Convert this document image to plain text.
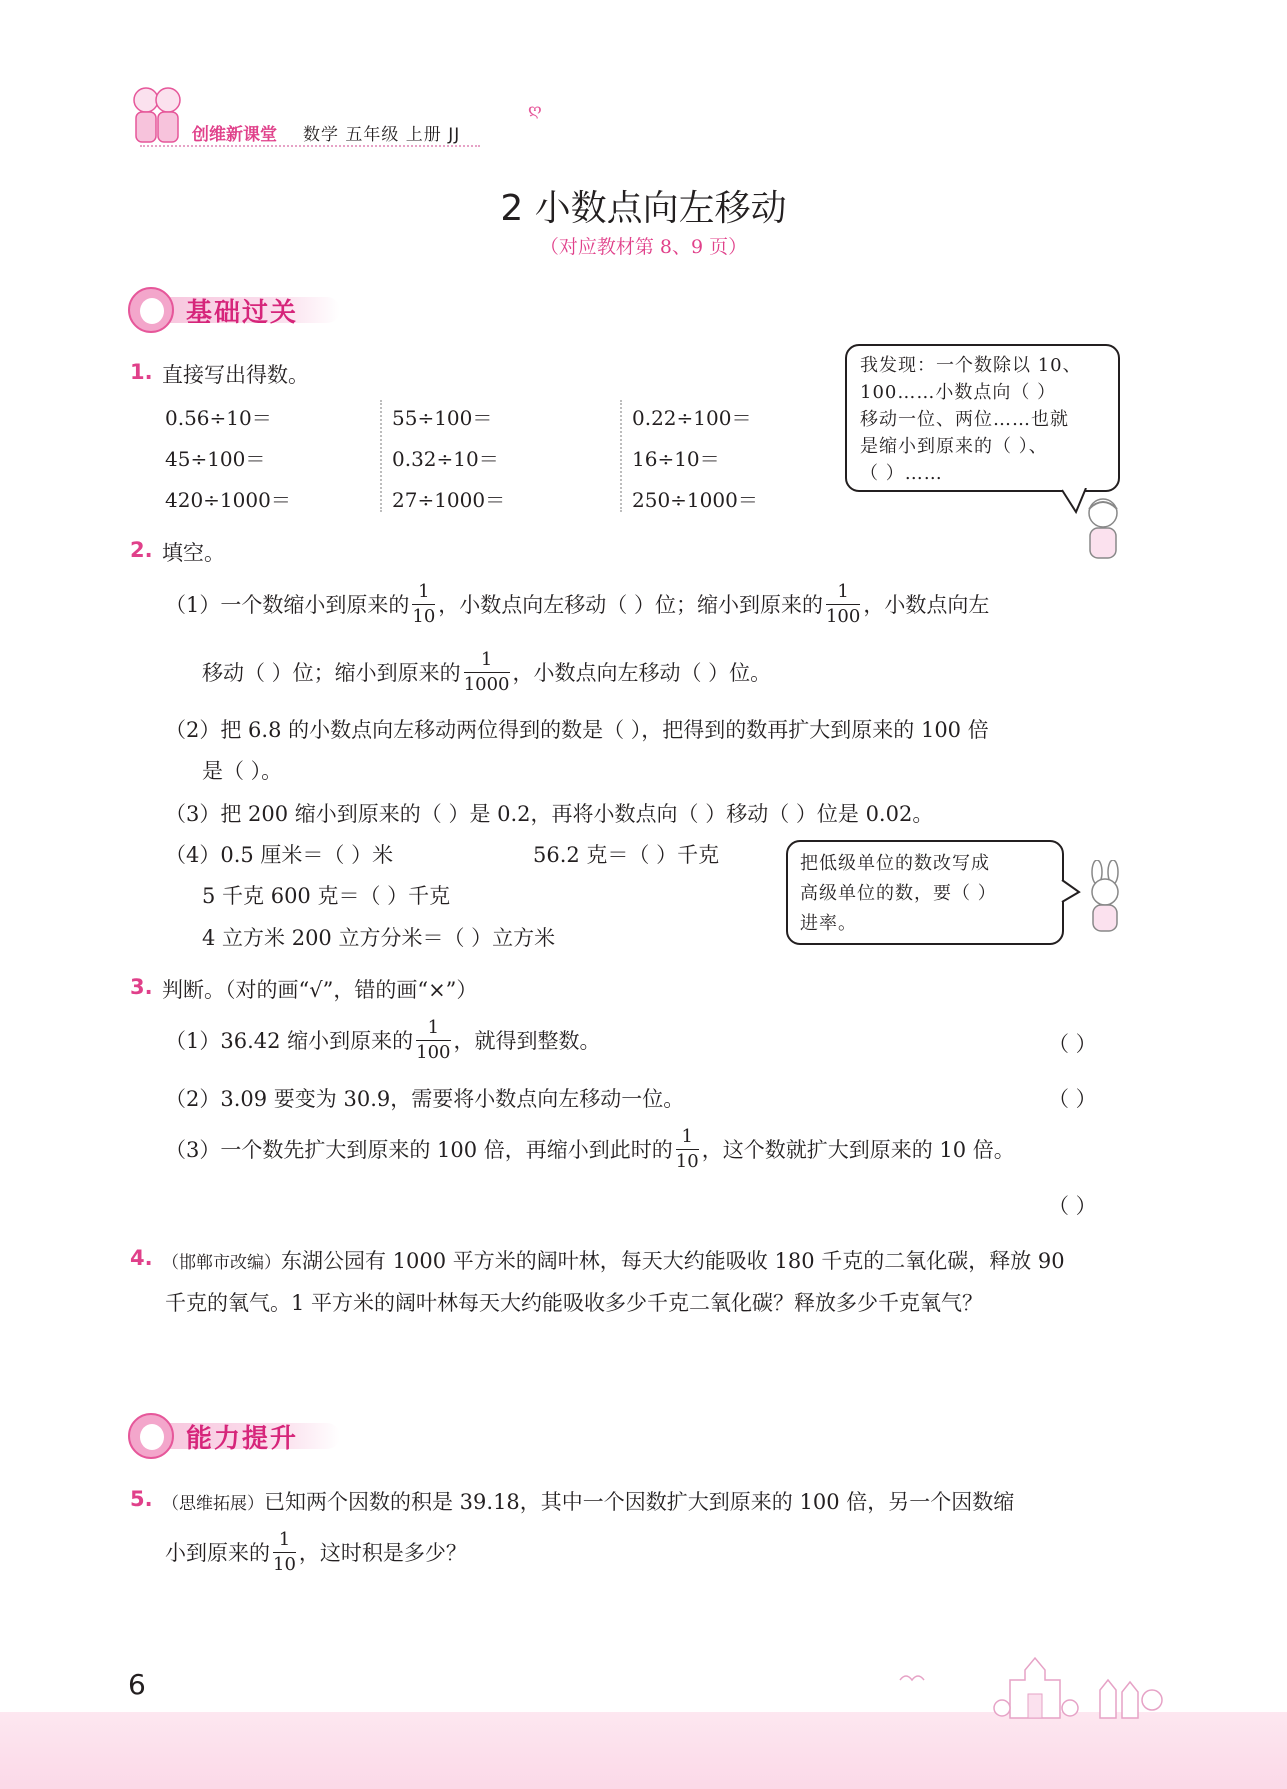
创维新课堂 数学 五年级 上册 JJ
ღ
2 小数点向左移动
（对应教材第 8、9 页）
基础过关
1. 直接写出得数。
0.56÷10＝	55÷100＝	0.22÷100＝
45÷100＝	0.32÷10＝	16÷10＝
420÷1000＝	27÷1000＝	250÷1000＝
我发现：一个数除以 10、
100……小数点向（ ）
移动一位、两位……也就
是缩小到原来的（ ）、
（ ）……
2. 填空。
（1）一个数缩小到原来的 $\frac{1}{10}$ ，小数点向左移动（ ）位；缩小到原来的 $\frac{1}{100}$ ，小数点向左
移动（ ）位；缩小到原来的 $\frac{1}{1000}$ ，小数点向左移动（ ）位。
（2）把 6.8 的小数点向左移动两位得到的数是（ ），把得到的数再扩大到原来的 100 倍
是（ ）。
（3）把 200 缩小到原来的（ ）是 0.2，再将小数点向（ ）移动（ ）位是 0.02。
（4）0.5 厘米＝（ ）米	56.2 克＝（ ）千克
5 千克 600 克＝（ ）千克
4 立方米 200 立方分米＝（ ）立方米
把低级单位的数改写成
高级单位的数，要（ ）
进率。
3. 判断。（对的画“√”，错的画“×”）
（1）36.42 缩小到原来的 $\frac{1}{100}$ ，就得到整数。	（ ）
（2）3.09 要变为 30.9，需要将小数点向左移动一位。	（ ）
（3）一个数先扩大到原来的 100 倍，再缩小到此时的 $\frac{1}{10}$ ，这个数就扩大到原来的 10 倍。
（ ）
4. （邯郸市改编）东湖公园有 1000 平方米的阔叶林，每天大约能吸收 180 千克的二氧化碳，释放 90
千克的氧气。1 平方米的阔叶林每天大约能吸收多少千克二氧化碳？释放多少千克氧气？
能力提升
5. （思维拓展）已知两个因数的积是 39.18，其中一个因数扩大到原来的 100 倍，另一个因数缩
小到原来的 $\frac{1}{10}$ ，这时积是多少？
6
